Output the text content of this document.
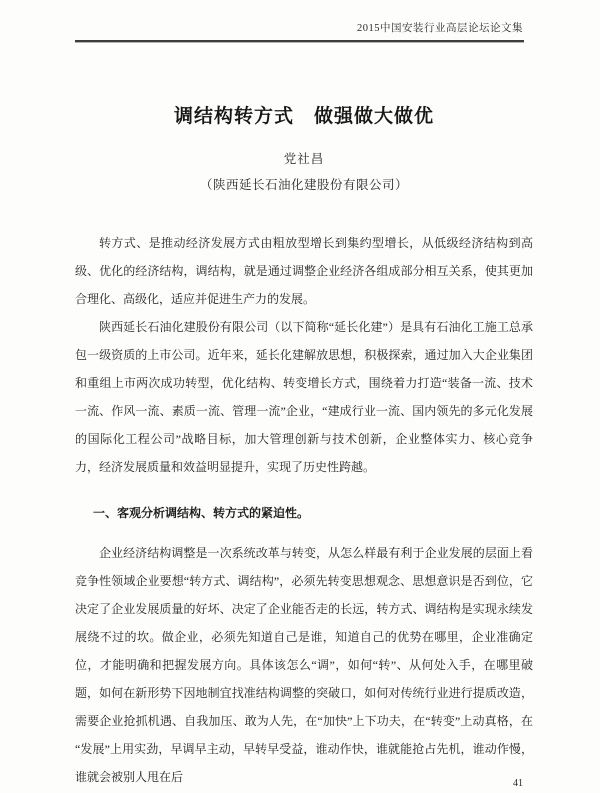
2015中国安装行业高层论坛论文集
调结构转方式　做强做大做优
党社昌
（陕西延长石油化建股份有限公司）

转方式、是推动经济发展方式由粗放型增长到集约型增长，从低级经济结构到高级、优化的经济结构，调结构，就是通过调整企业经济各组成部分相互关系，使其更加合理化、高级化，适应并促进生产力的发展。

陕西延长石油化建股份有限公司（以下简称“延长化建”）是具有石油化工施工总承包一级资质的上市公司。近年来，延长化建解放思想，积极探索，通过加入大企业集团和重组上市两次成功转型，优化结构、转变增长方式，围绕着力打造“装备一流、技术一流、作风一流、素质一流、管理一流”企业，“建成行业一流、国内领先的多元化发展的国际化工程公司”战略目标，加大管理创新与技术创新，企业整体实力、核心竞争力，经济发展质量和效益明显提升，实现了历史性跨越。

一、客观分析调结构、转方式的紧迫性。

企业经济结构调整是一次系统改革与转变，从怎么样最有利于企业发展的层面上看竞争性领域企业要想“转方式、调结构”，必须先转变思想观念、思想意识是否到位，它决定了企业发展质量的好坏、决定了企业能否走的长远，转方式、调结构是实现永续发展绕不过的坎。做企业，必须先知道自己是谁，知道自己的优势在哪里，企业准确定位，才能明确和把握发展方向。具体该怎么“调”，如何“转”、从何处入手，在哪里破题，如何在新形势下因地制宜找准结构调整的突破口，如何对传统行业进行提质改造，需要企业抢抓机遇、自我加压、敢为人先，在“加快”上下功夫，在“转变”上动真格，在“发展”上用实劲，早调早主动，早转早受益，谁动作快，谁就能抢占先机，谁动作慢，谁就会被别人甩在后	41
